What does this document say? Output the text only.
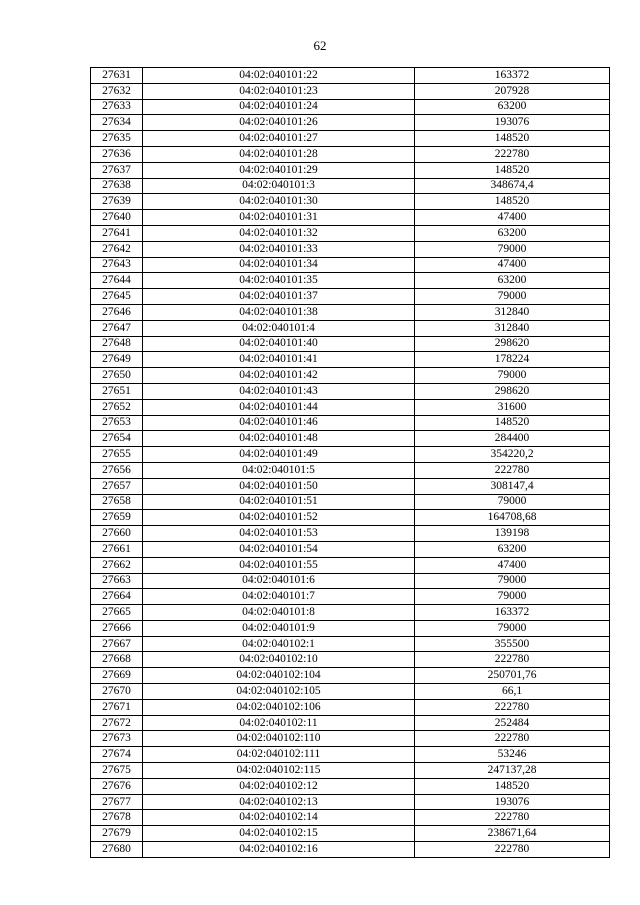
62
27631	04:02:040101:22	163372
27632	04:02:040101:23	207928
27633	04:02:040101:24	63200
27634	04:02:040101:26	193076
27635	04:02:040101:27	148520
27636	04:02:040101:28	222780
27637	04:02:040101:29	148520
27638	04:02:040101:3	348674,4
27639	04:02:040101:30	148520
27640	04:02:040101:31	47400
27641	04:02:040101:32	63200
27642	04:02:040101:33	79000
27643	04:02:040101:34	47400
27644	04:02:040101:35	63200
27645	04:02:040101:37	79000
27646	04:02:040101:38	312840
27647	04:02:040101:4	312840
27648	04:02:040101:40	298620
27649	04:02:040101:41	178224
27650	04:02:040101:42	79000
27651	04:02:040101:43	298620
27652	04:02:040101:44	31600
27653	04:02:040101:46	148520
27654	04:02:040101:48	284400
27655	04:02:040101:49	354220,2
27656	04:02:040101:5	222780
27657	04:02:040101:50	308147,4
27658	04:02:040101:51	79000
27659	04:02:040101:52	164708,68
27660	04:02:040101:53	139198
27661	04:02:040101:54	63200
27662	04:02:040101:55	47400
27663	04:02:040101:6	79000
27664	04:02:040101:7	79000
27665	04:02:040101:8	163372
27666	04:02:040101:9	79000
27667	04:02:040102:1	355500
27668	04:02:040102:10	222780
27669	04:02:040102:104	250701,76
27670	04:02:040102:105	66,1
27671	04:02:040102:106	222780
27672	04:02:040102:11	252484
27673	04:02:040102:110	222780
27674	04:02:040102:111	53246
27675	04:02:040102:115	247137,28
27676	04:02:040102:12	148520
27677	04:02:040102:13	193076
27678	04:02:040102:14	222780
27679	04:02:040102:15	238671,64
27680	04:02:040102:16	222780
